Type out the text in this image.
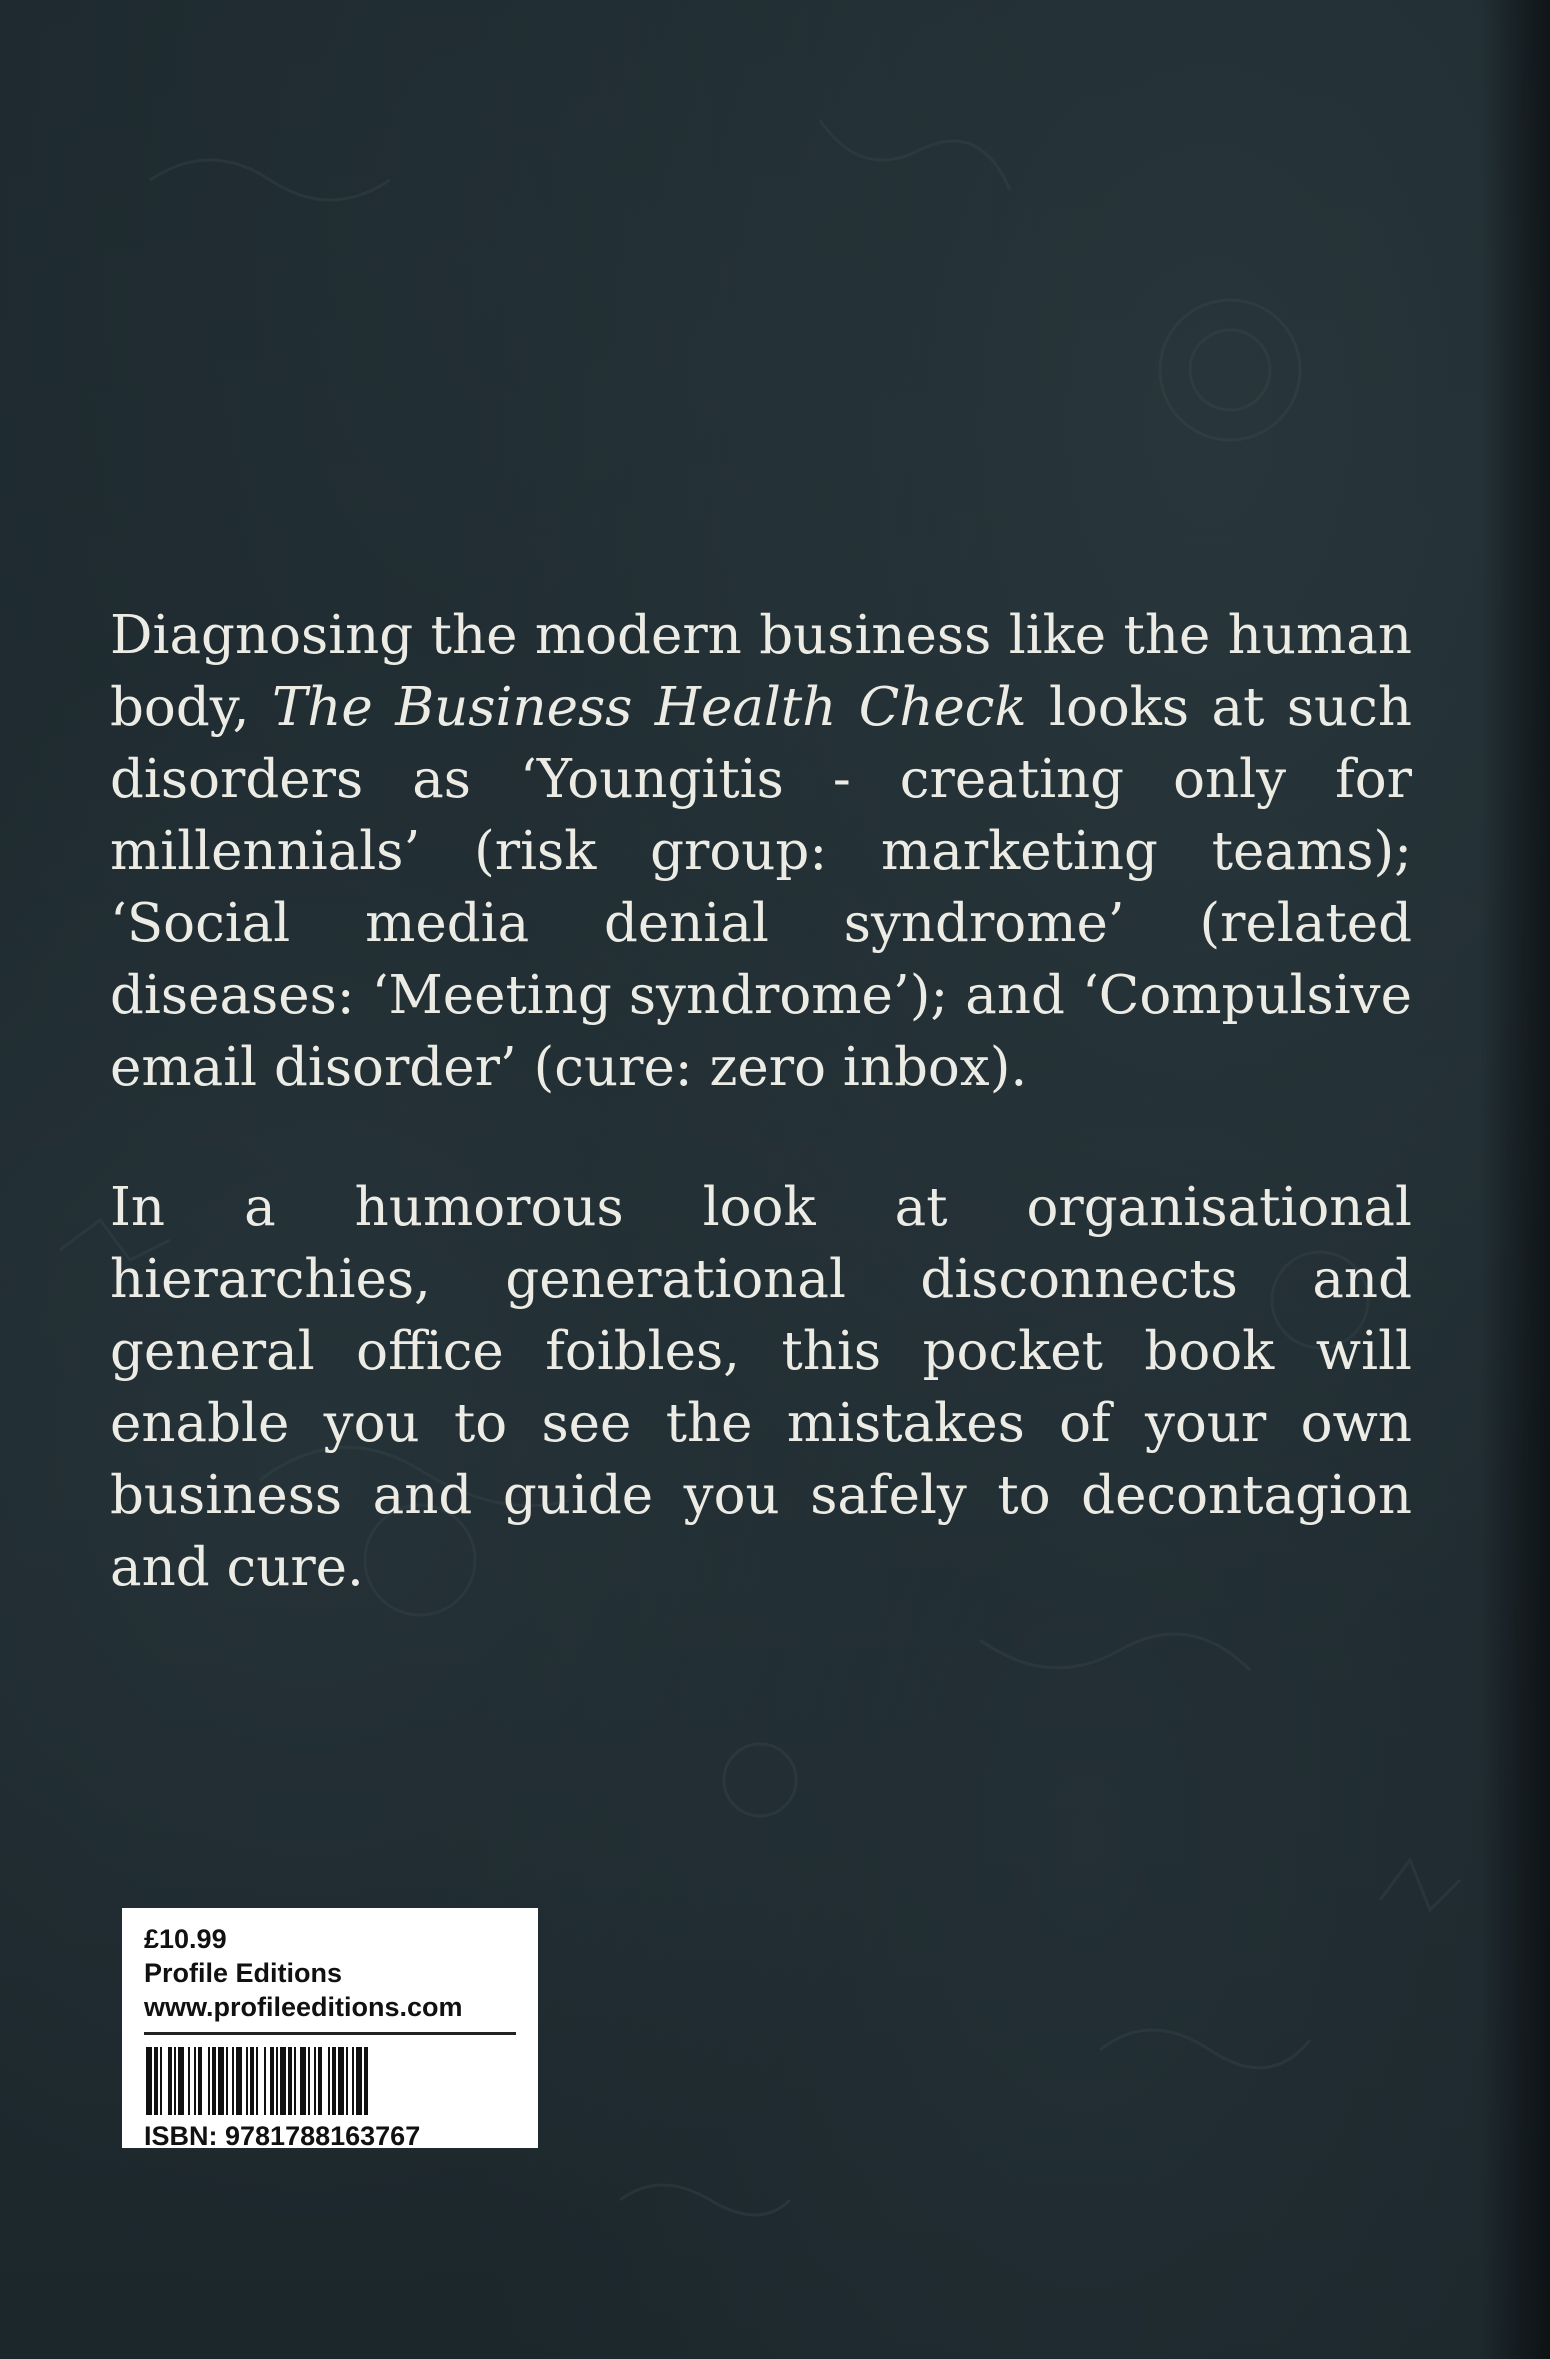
Diagnosing the modern business like the human body, The Business Health Check looks at such disorders as ‘Youngitis - creating only for millennials’ (risk group: marketing teams); ‘Social media denial syndrome’ (related diseases: ‘Meeting syndrome’); and ‘Compulsive email disorder’ (cure: zero inbox).

In a humorous look at organisational hierarchies, generational disconnects and general office foibles, this pocket book will enable you to see the mistakes of your own business and guide you safely to decontagion and cure.

£10.99
Profile Editions
www.profileeditions.com
ISBN: 9781788163767
